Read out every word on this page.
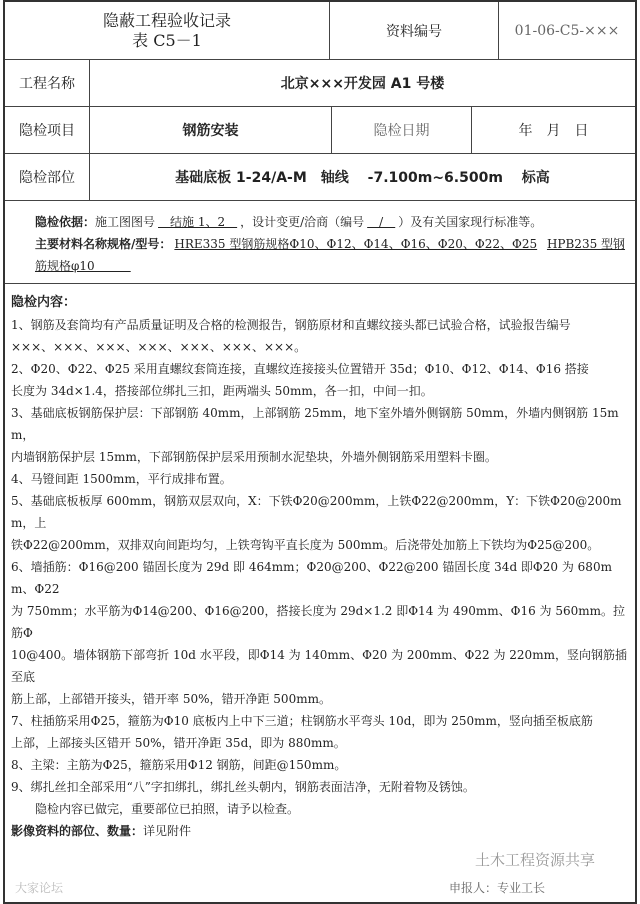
隐蔽工程验收记录
表 C5－1	资料编号	01-06-C5-×××
工程名称	北京×××开发园 A1 号楼
隐检项目	钢筋安装	隐检日期	年　月　日
隐检部位	基础底板 1-24/A-M　轴线　 -7.100m~6.500m　 标高
隐检依据：施工图图号　结施 1、2　，设计变更/洽商（编号　/　）及有关国家现行标准等。
主要材料名称规格/型号： HRE335 型钢筋规格Φ10、Φ12、Φ14、Φ16、Φ20、Φ22、Φ25 HPB235 型钢筋规格φ10　　　
隐检内容：
1、钢筋及套筒均有产品质量证明及合格的检测报告，钢筋原材和直螺纹接头都已试验合格，试验报告编号
×××、×××、×××、×××、×××、×××、×××。
2、Φ20、Φ22、Φ25 采用直螺纹套筒连接，直螺纹连接接头位置错开 35d；Φ10、Φ12、Φ14、Φ16 搭接
长度为 34d×1.4，搭接部位绑扎三扣，距两端头 50mm，各一扣，中间一扣。
3、基础底板钢筋保护层：下部钢筋 40mm，上部钢筋 25mm，地下室外墙外侧钢筋 50mm，外墙内侧钢筋 15mm，
内墙钢筋保护层 15mm，下部钢筋保护层采用预制水泥垫块，外墙外侧钢筋采用塑料卡圈。
4、马镫间距 1500mm，平行成排布置。
5、基础底板板厚 600mm，钢筋双层双向，X：下铁Φ20@200mm，上铁Φ22@200mm，Y：下铁Φ20@200mm，上
铁Φ22@200mm，双排双向间距均匀，上铁弯钩平直长度为 500mm。后浇带处加筋上下铁均为Φ25@200。
6、墙插筋：Φ16@200 锚固长度为 29d 即 464mm；Φ20@200、Φ22@200 锚固长度 34d 即Φ20 为 680mm、Φ22
为 750mm；水平筋为Φ14@200、Φ16@200，搭接长度为 29d×1.2 即Φ14 为 490mm、Φ16 为 560mm。拉筋Φ
10@400。墙体钢筋下部弯折 10d 水平段，即Φ14 为 140mm、Φ20 为 200mm、Φ22 为 220mm，竖向钢筋插至底
筋上部，上部错开接头，错开率 50%，错开净距 500mm。
7、柱插筋采用Φ25，箍筋为Φ10 底板内上中下三道；柱钢筋水平弯头 10d，即为 250mm，竖向插至板底筋
上部，上部接头区错开 50%，错开净距 35d，即为 880mm。
8、主梁：主筋为Φ25，箍筋采用Φ12 钢筋，间距@150mm。
9、绑扎丝扣全部采用“八”字扣绑扎，绑扎丝头朝内，钢筋表面洁净，无附着物及锈蚀。
隐检内容已做完，重要部位已拍照，请予以检查。
影像资料的部位、数量：详见附件
土木工程资源共享
申报人：专业工长
大家论坛
